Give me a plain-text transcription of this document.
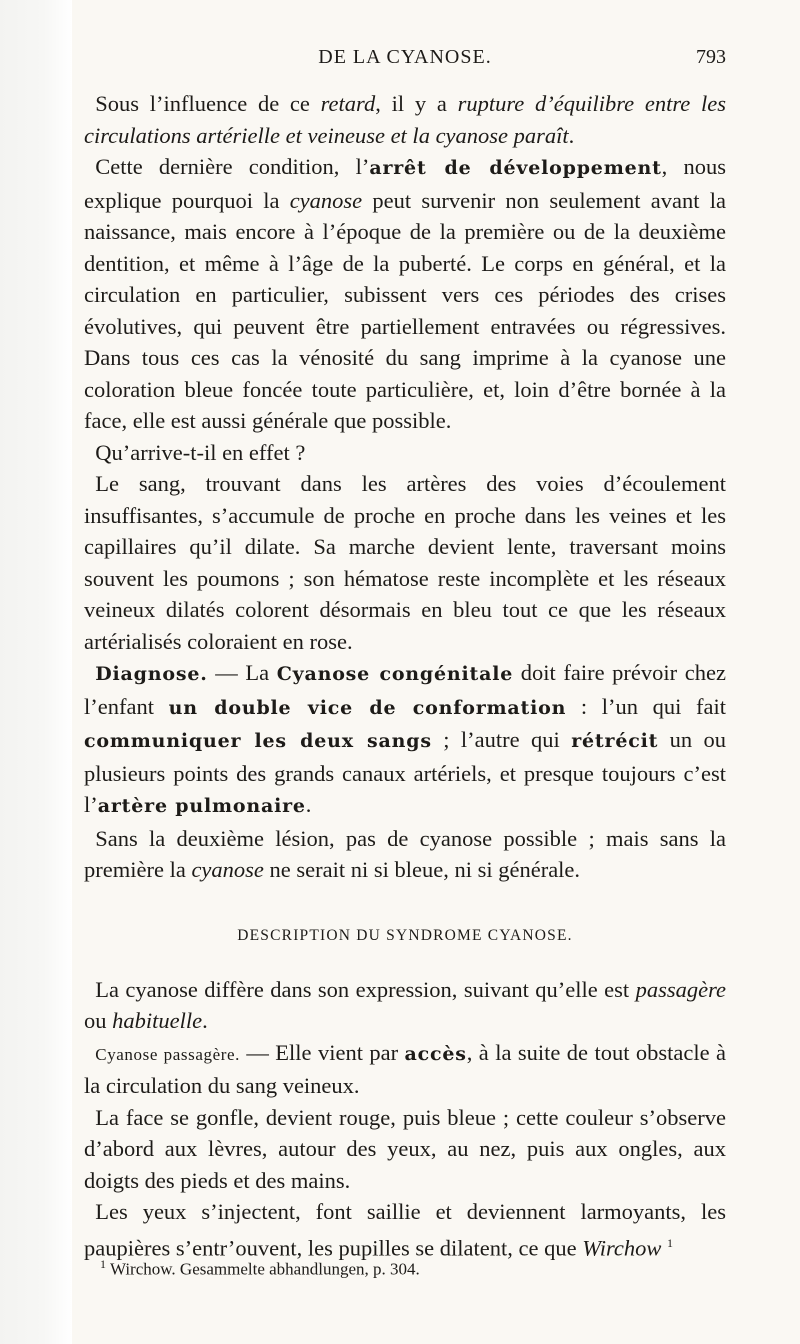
DE LA CYANOSE.	793

 Sous l’influence de ce retard, il y a rupture d’équilibre entre les circulations artérielle et veineuse et la cyanose paraît.

 Cette dernière condition, l’arrêt de développement, nous explique pourquoi la cyanose peut survenir non seulement avant la naissance, mais encore à l’époque de la première ou de la deuxième dentition, et même à l’âge de la puberté. Le corps en général, et la circulation en particulier, subissent vers ces périodes des crises évolutives, qui peuvent être partiellement entravées ou régressives. Dans tous ces cas la vénosité du sang imprime à la cyanose une coloration bleue foncée toute particulière, et, loin d’être bornée à la face, elle est aussi générale que possible.

 Qu’arrive-t-il en effet ?

 Le sang, trouvant dans les artères des voies d’écoulement insuffisantes, s’accumule de proche en proche dans les veines et les capillaires qu’il dilate. Sa marche devient lente, traversant moins souvent les poumons ; son hématose reste incomplète et les réseaux veineux dilatés colorent désormais en bleu tout ce que les réseaux artérialisés coloraient en rose.

 Diagnose. — La Cyanose congénitale doit faire prévoir chez l’enfant un double vice de conformation : l’un qui fait communiquer les deux sangs ; l’autre qui rétrécit un ou plusieurs points des grands canaux artériels, et presque toujours c’est l’artère pulmonaire.

 Sans la deuxième lésion, pas de cyanose possible ; mais sans la première la cyanose ne serait ni si bleue, ni si générale.

DESCRIPTION DU SYNDROME CYANOSE.

 La cyanose diffère dans son expression, suivant qu’elle est passagère ou habituelle.

 Cyanose passagère. — Elle vient par accès, à la suite de tout obstacle à la circulation du sang veineux.

 La face se gonfle, devient rouge, puis bleue ; cette couleur s’observe d’abord aux lèvres, autour des yeux, au nez, puis aux ongles, aux doigts des pieds et des mains.

 Les yeux s’injectent, font saillie et deviennent larmoyants, les paupières s’entr’ouvent, les pupilles se dilatent, ce que Wirchow $^1$

$^1$ Wirchow. Gesammelte abhandlungen, p. 304.
